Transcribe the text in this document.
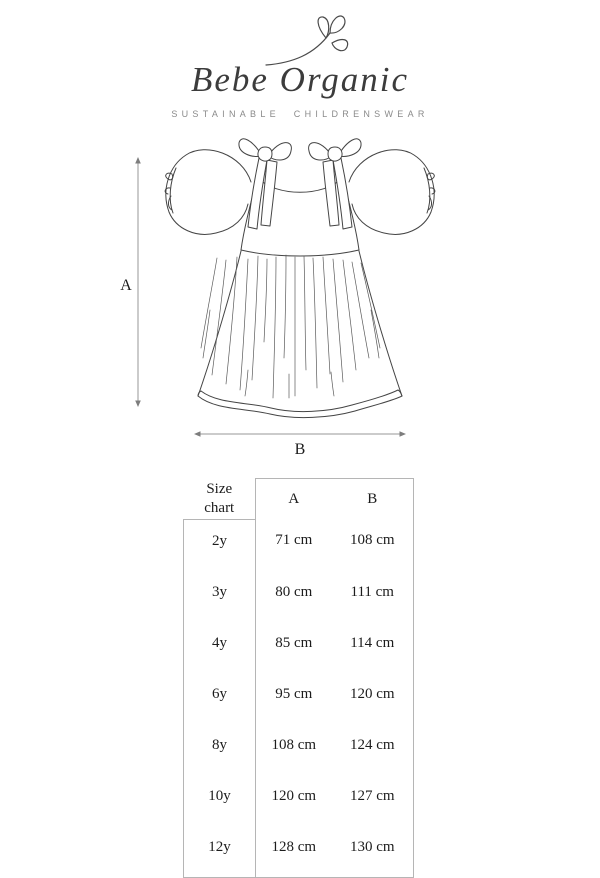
Bebe Organic
SUSTAINABLE CHILDRENSWEAR
A
B
Size chart	A	B
2y	71 cm	108 cm
3y	80 cm	111 cm
4y	85 cm	114 cm
6y	95 cm	120 cm
8y	108 cm	124 cm
10y	120 cm	127 cm
12y	128 cm	130 cm
